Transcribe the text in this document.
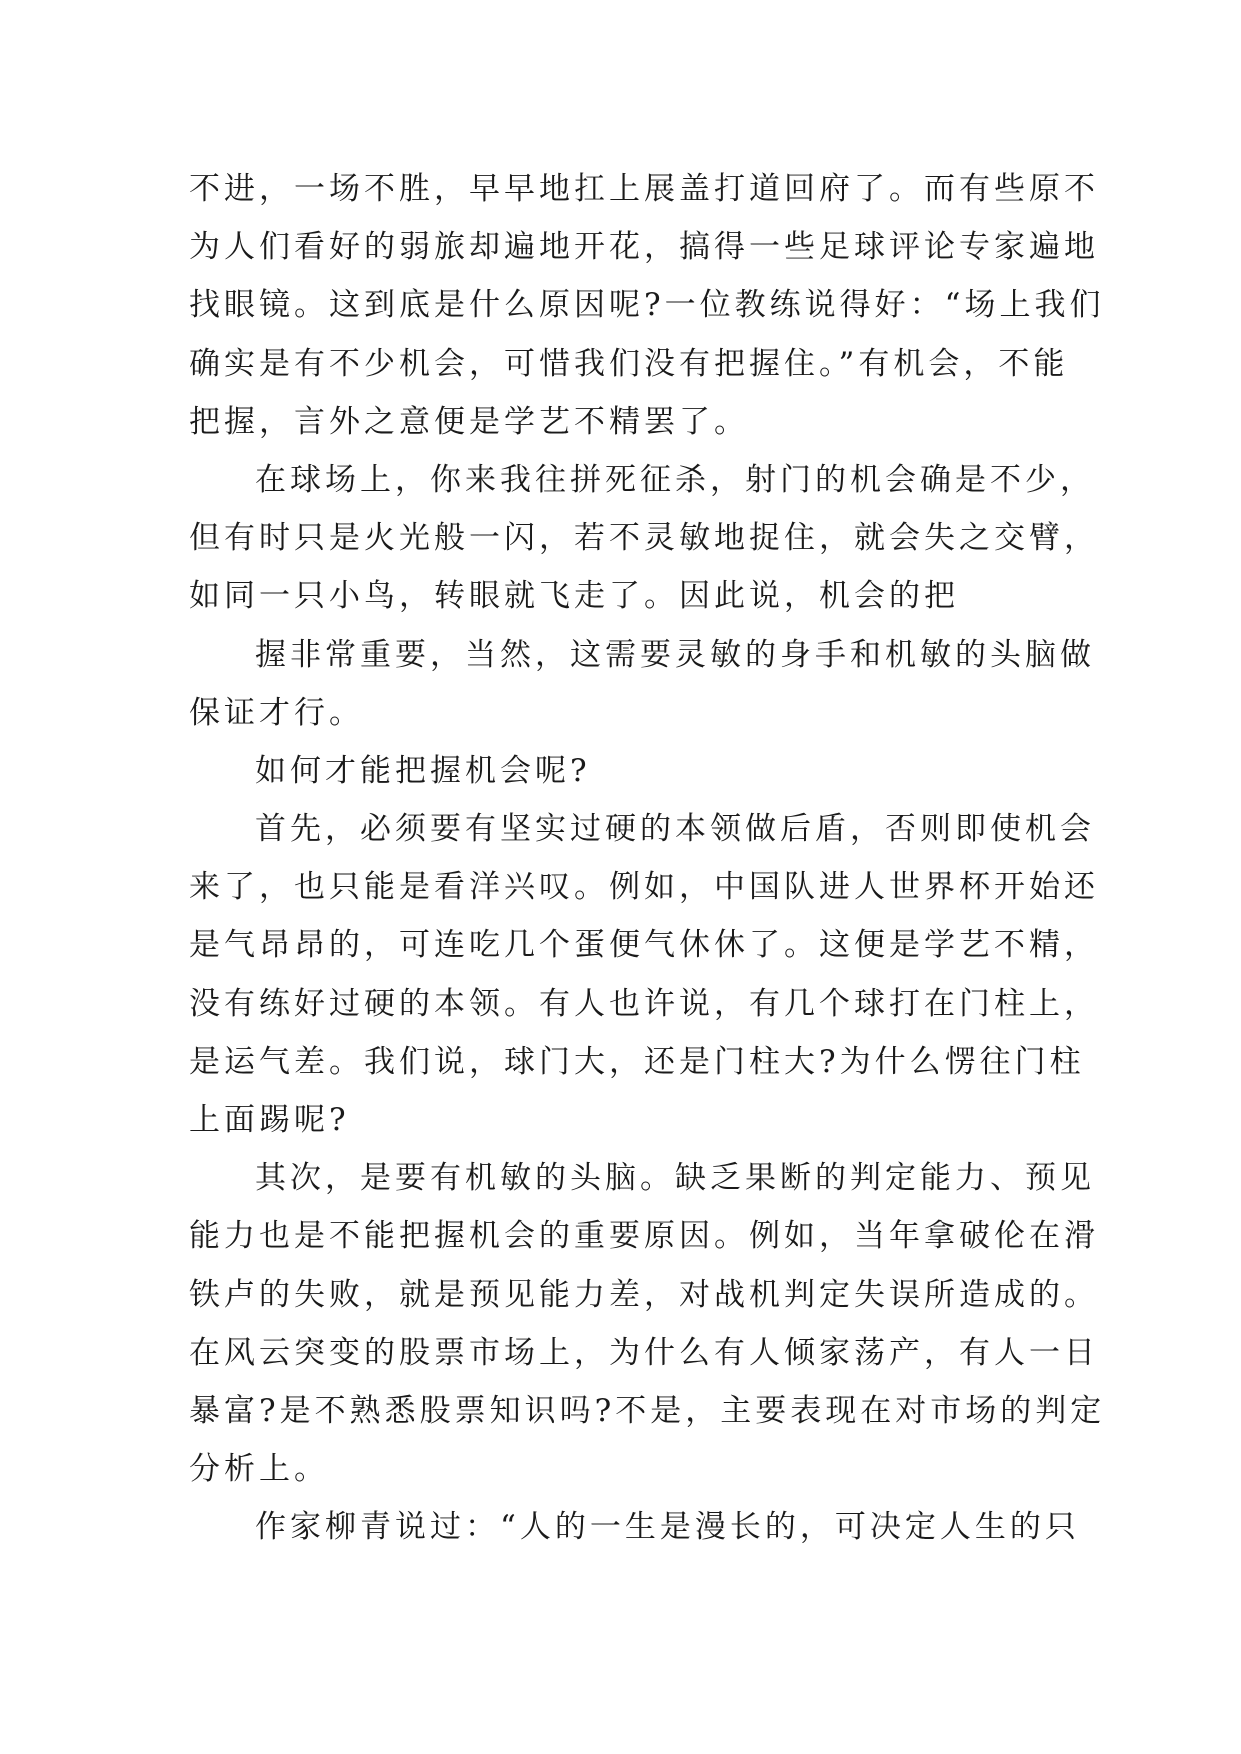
不进，一场不胜，早早地扛上展盖打道回府了。而有些原不
为人们看好的弱旅却遍地开花，搞得一些足球评论专家遍地
找眼镜。这到底是什么原因呢?一位教练说得好：“场上我们
确实是有不少机会，可惜我们没有把握住。”有机会，不能
把握，言外之意便是学艺不精罢了。
在球场上，你来我往拼死征杀，射门的机会确是不少，
但有时只是火光般一闪，若不灵敏地捉住，就会失之交臂，
如同一只小鸟，转眼就飞走了。因此说，机会的把
握非常重要，当然，这需要灵敏的身手和机敏的头脑做
保证才行。
如何才能把握机会呢?
首先，必须要有坚实过硬的本领做后盾，否则即使机会
来了，也只能是看洋兴叹。例如，中国队进人世界杯开始还
是气昂昂的，可连吃几个蛋便气休休了。这便是学艺不精，
没有练好过硬的本领。有人也许说，有几个球打在门柱上，
是运气差。我们说，球门大，还是门柱大?为什么愣往门柱
上面踢呢?
其次，是要有机敏的头脑。缺乏果断的判定能力、预见
能力也是不能把握机会的重要原因。例如，当年拿破伦在滑
铁卢的失败，就是预见能力差，对战机判定失误所造成的。
在风云突变的股票市场上，为什么有人倾家荡产，有人一日
暴富?是不熟悉股票知识吗?不是，主要表现在对市场的判定
分析上。
作家柳青说过：“人的一生是漫长的，可决定人生的只
